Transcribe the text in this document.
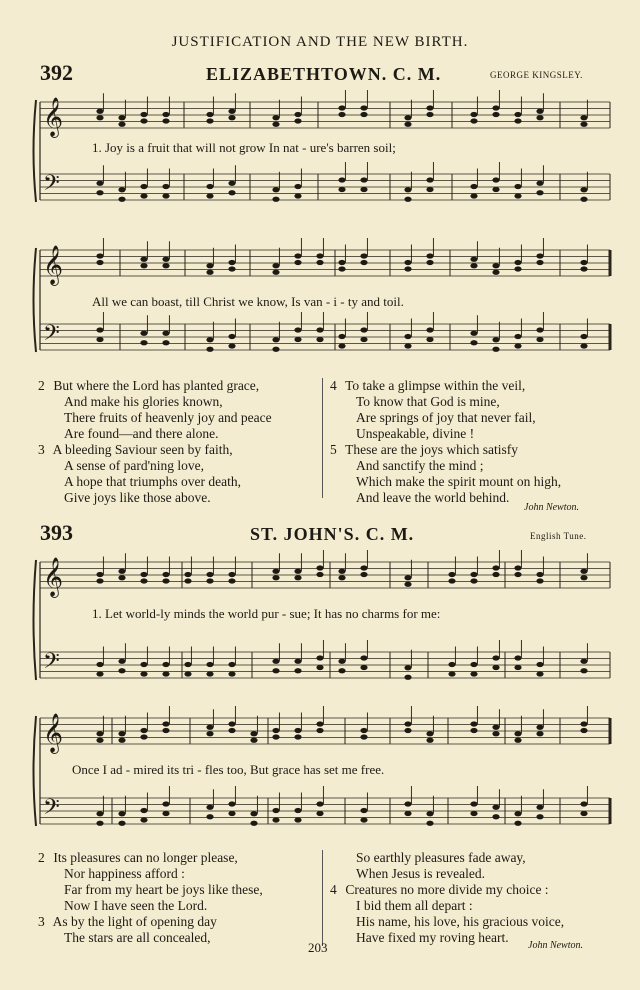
JUSTIFICATION AND THE NEW BIRTH.
392	ELIZABETHTOWN. C. M.	GEORGE KINGSLEY.
𝄞
𝄢
𝄞
𝄢
𝄞
𝄢
𝄞
𝄢
1. Joy is a fruit that will not grow In nat - ure's barren soil;
All we can boast, till Christ we know, Is van - i - ty and toil.
2 But where the Lord has planted grace,
And make his glories known,
There fruits of heavenly joy and peace
Are found—and there alone.
3 A bleeding Saviour seen by faith,
A sense of pard'ning love,
A hope that triumphs over death,
Give joys like those above.
4 To take a glimpse within the veil,
To know that God is mine,
Are springs of joy that never fail,
Unspeakable, divine !
5 These are the joys which satisfy
And sanctify the mind ;
Which make the spirit mount on high,
And leave the world behind.
John Newton.
393	ST. JOHN'S. C. M.	English Tune.
1. Let world-ly minds the world pur - sue; It has no charms for me:
Once I ad - mired its tri - fles too, But grace has set me free.
2 Its pleasures can no longer please,
Nor happiness afford :
Far from my heart be joys like these,
Now I have seen the Lord.
3 As by the light of opening day
The stars are all concealed,
So earthly pleasures fade away,
When Jesus is revealed.
4 Creatures no more divide my choice :
I bid them all depart :
His name, his love, his gracious voice,
Have fixed my roving heart.
John Newton.
203
